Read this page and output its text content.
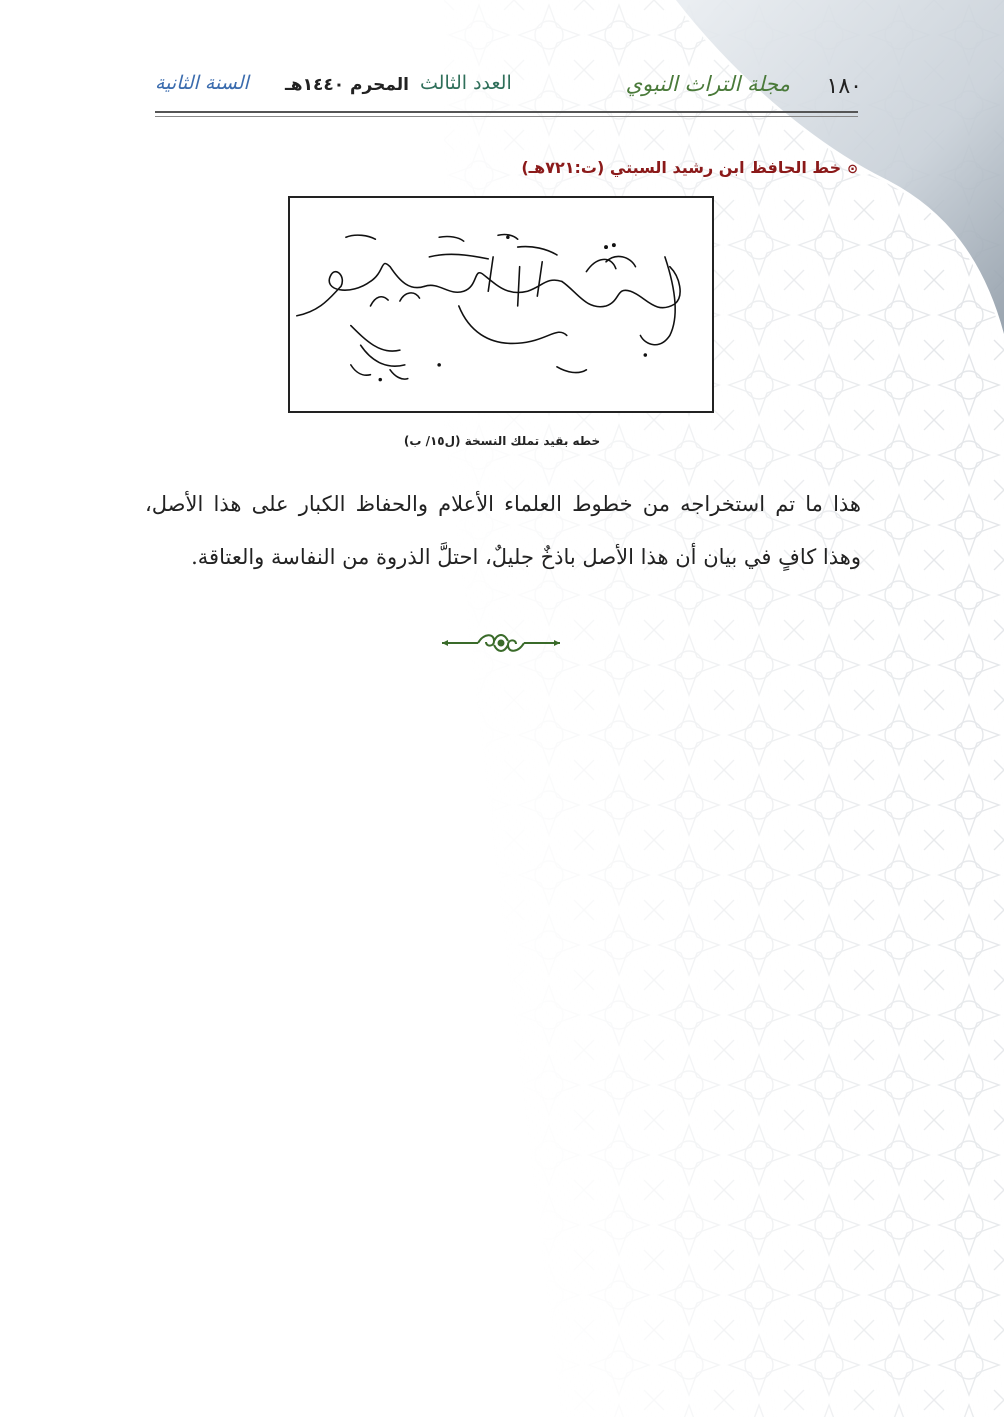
١٨٠
مجلة التراث النبوي
العدد الثالث
المحرم ١٤٤٠هـ
السنة الثانية
⊙خط الحافظ ابن رشيد السبتي (ت:٧٢١هـ)
خطه بقيد تملك النسخة (ل١٥/ ب)
هذا ما تم استخراجه من خطوط العلماء الأعلام والحفاظ الكبار على هذا الأصل، وهذا كافٍ في بيان أن هذا الأصل باذخٌ جليلٌ، احتلَّ الذروة من النفاسة والعتاقة.
